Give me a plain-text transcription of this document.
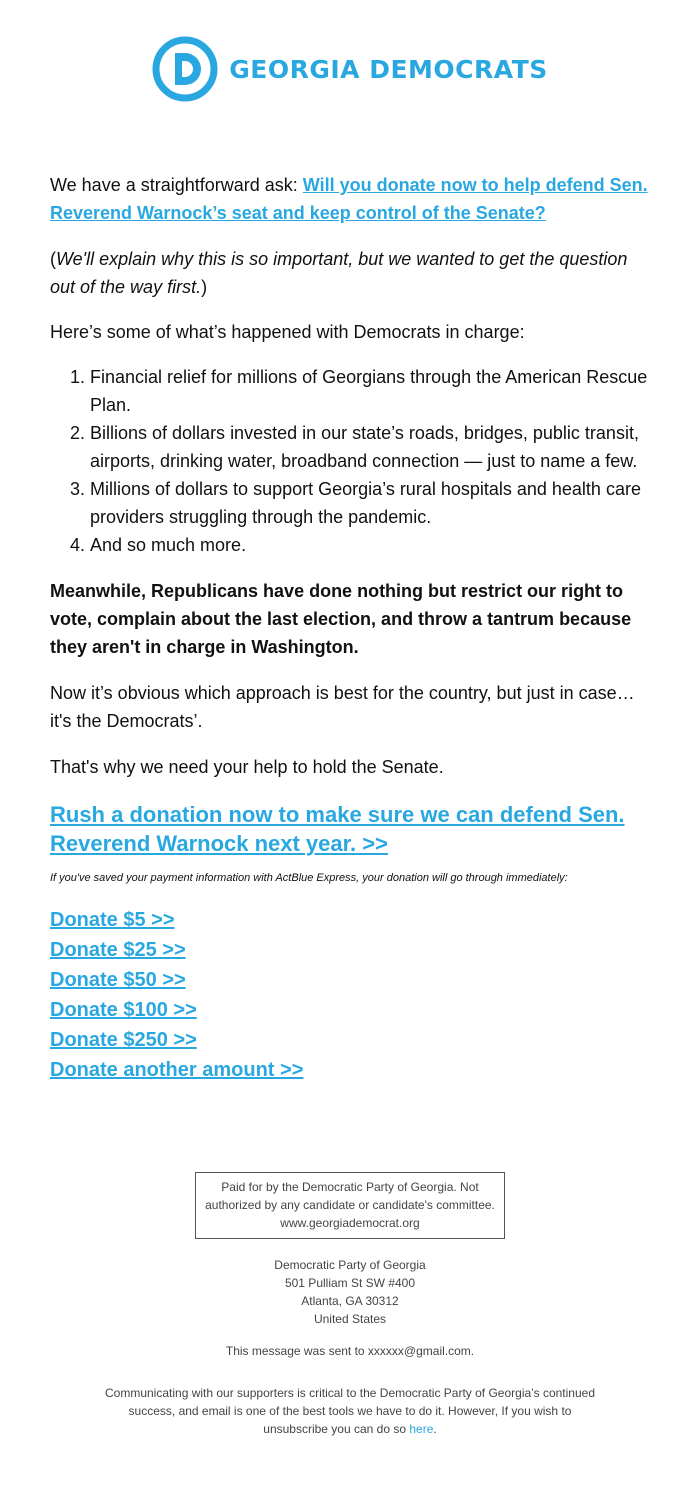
GEORGIA DEMOCRATS

We have a straightforward ask: Will you donate now to help defend Sen. Reverend Warnock’s seat and keep control of the Senate?

(We'll explain why this is so important, but we wanted to get the question out of the way first.)

Here’s some of what’s happened with Democrats in charge:

1. Financial relief for millions of Georgians through the American Rescue Plan.
2. Billions of dollars invested in our state’s roads, bridges, public transit, airports, drinking water, broadband connection — just to name a few.
3. Millions of dollars to support Georgia’s rural hospitals and health care providers struggling through the pandemic.
4. And so much more.

Meanwhile, Republicans have done nothing but restrict our right to vote, complain about the last election, and throw a tantrum because they aren't in charge in Washington.

Now it’s obvious which approach is best for the country, but just in case… it's the Democrats’.

That's why we need your help to hold the Senate.

Rush a donation now to make sure we can defend Sen. Reverend Warnock next year. >>

If you've saved your payment information with ActBlue Express, your donation will go through immediately:

Donate $5 >>
Donate $25 >>
Donate $50 >>
Donate $100 >>
Donate $250 >>
Donate another amount >>
Paid for by the Democratic Party of Georgia. Not
authorized by any candidate or candidate's committee.
www.georgiademocrat.org
Democratic Party of Georgia
501 Pulliam St SW #400
Atlanta, GA 30312
United States
This message was sent to xxxxxx@gmail.com.
Communicating with our supporters is critical to the Democratic Party of Georgia’s continued success, and email is one of the best tools we have to do it. However, If you wish to unsubscribe you can do so here.
